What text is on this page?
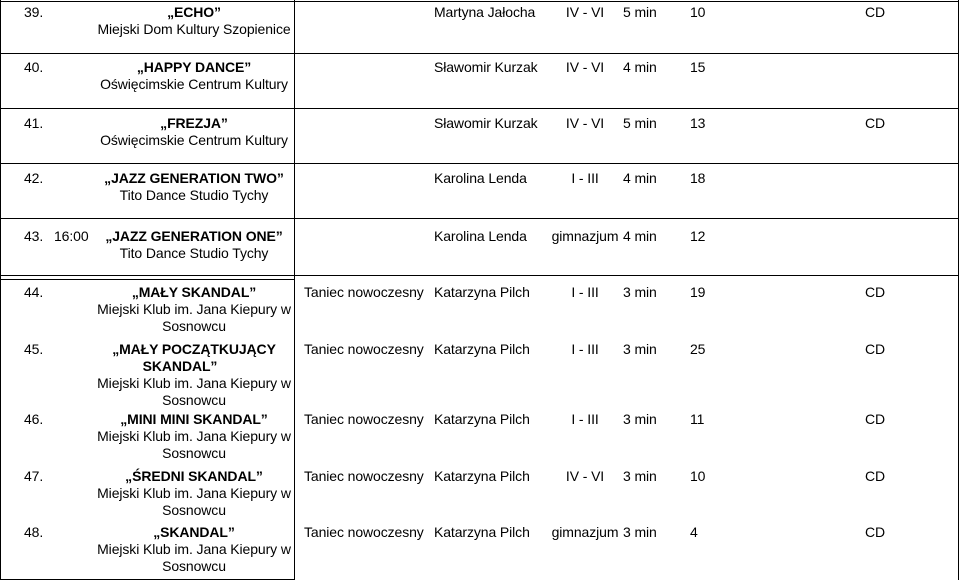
39.	„ECHO”
Miejski Dom Kultury Szopienice
Martyna Jałocha IV - VI 5 min 10	CD
40.	„HAPPY DANCE”
Oświęcimskie Centrum Kultury
Sławomir Kurzak IV - VI 4 min 15
41.	„FREZJA”
Oświęcimskie Centrum Kultury
Sławomir Kurzak IV - VI 5 min 13	CD
42.	„JAZZ GENERATION TWO”
Tito Dance Studio Tychy
Karolina Lenda	I - III 4 min 18
43. 16:00 „JAZZ GENERATION ONE”
Tito Dance Studio Tychy
Karolina Lenda gimnazjum 4 min 12
44.	„MAŁY SKANDAL”
Miejski Klub im. Jana Kiepury w
Sosnowcu
Taniec nowoczesny Katarzyna Pilch	I - III 3 min 19	CD
45.	„MAŁY POCZĄTKUJĄCY
SKANDAL”
Miejski Klub im. Jana Kiepury w
Sosnowcu
Taniec nowoczesny Katarzyna Pilch	I - III 3 min 25	CD
46.	„MINI MINI SKANDAL”
Miejski Klub im. Jana Kiepury w
Sosnowcu
Taniec nowoczesny Katarzyna Pilch	I - III 3 min 11	CD
47.	„ŚREDNI SKANDAL”
Miejski Klub im. Jana Kiepury w
Sosnowcu
Taniec nowoczesny Katarzyna Pilch	IV - VI 3 min 10	CD
48.	„SKANDAL”
Miejski Klub im. Jana Kiepury w
Sosnowcu
Taniec nowoczesny Katarzyna Pilch gimnazjum 3 min 4	CD
